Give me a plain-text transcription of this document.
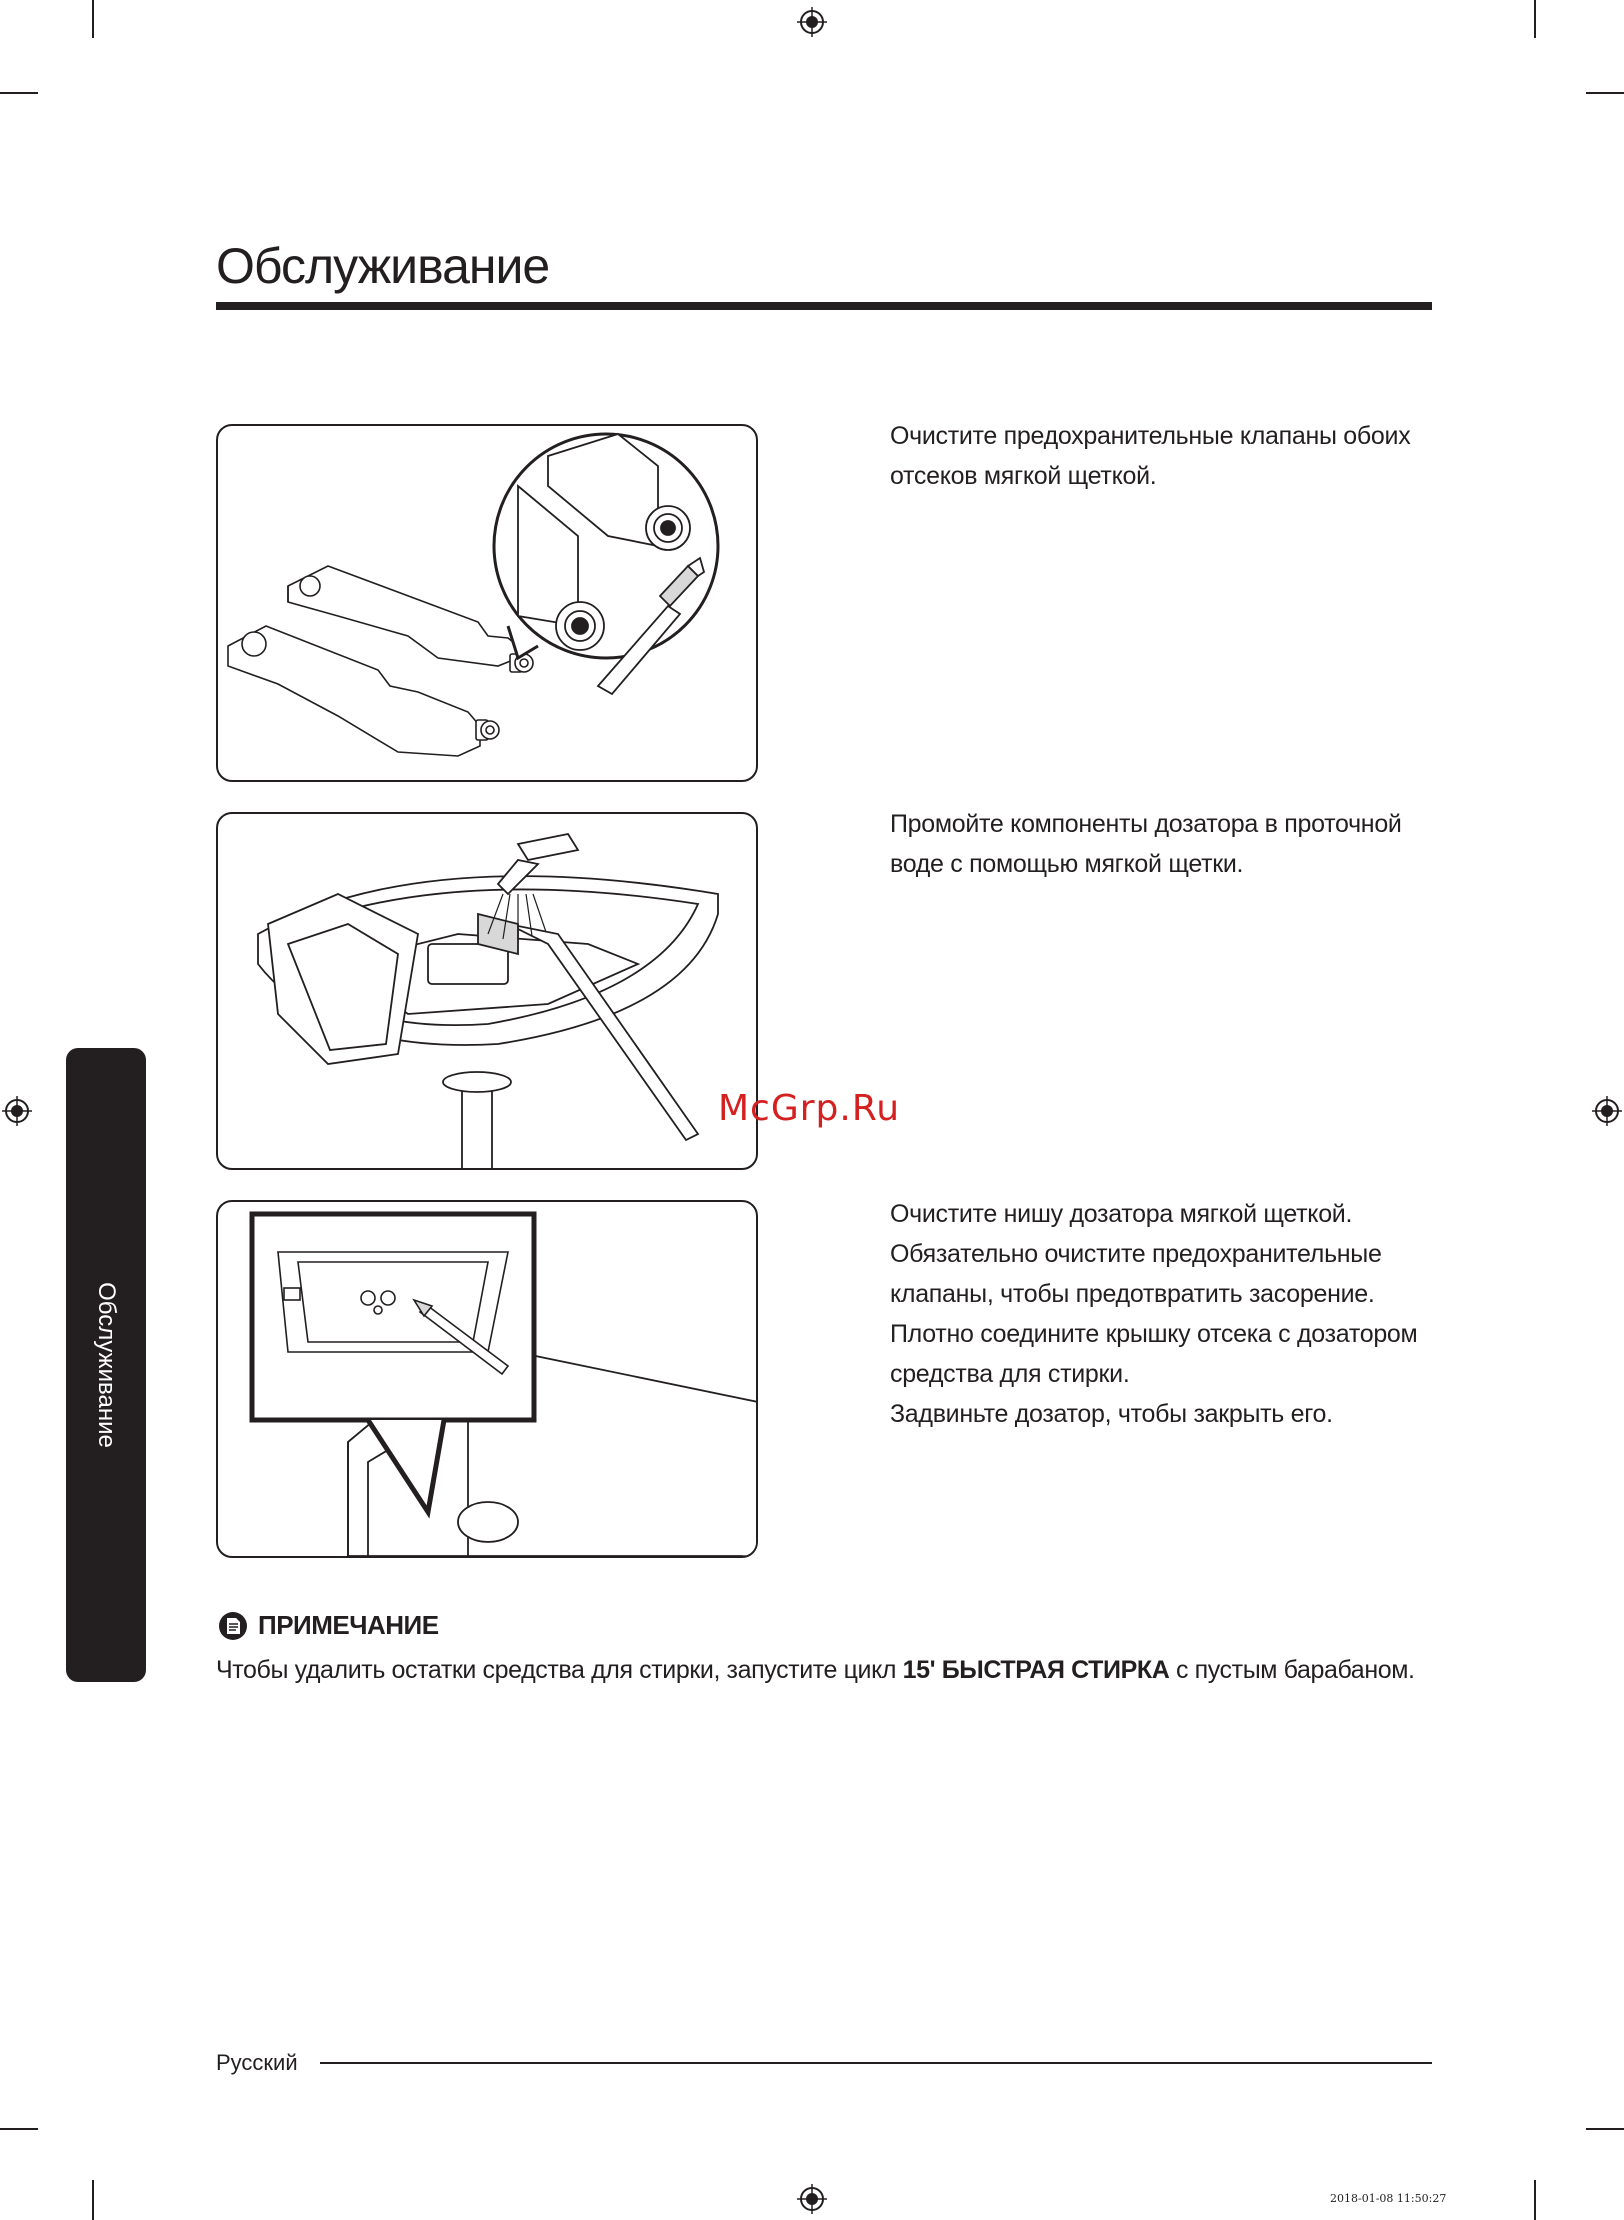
Обслуживание
Обслуживание

Очистите предохранительные клапаны обоих

отсеков мягкой щеткой.

Промойте компоненты дозатора в проточной

воде с помощью мягкой щетки.

Очистите нишу дозатора мягкой щеткой.

Обязательно очистите предохранительные

клапаны, чтобы предотвратить засорение.

Плотно соедините крышку отсека с дозатором

средства для стирки.

Задвиньте дозатор, чтобы закрыть его.

McGrp.Ru
ПРИМЕЧАНИЕ
Чтобы удалить остатки средства для стирки, запустите цикл 15' БЫСТРАЯ СТИРКА с пустым барабаном.
Русский
2018-01-08 11:50:27
